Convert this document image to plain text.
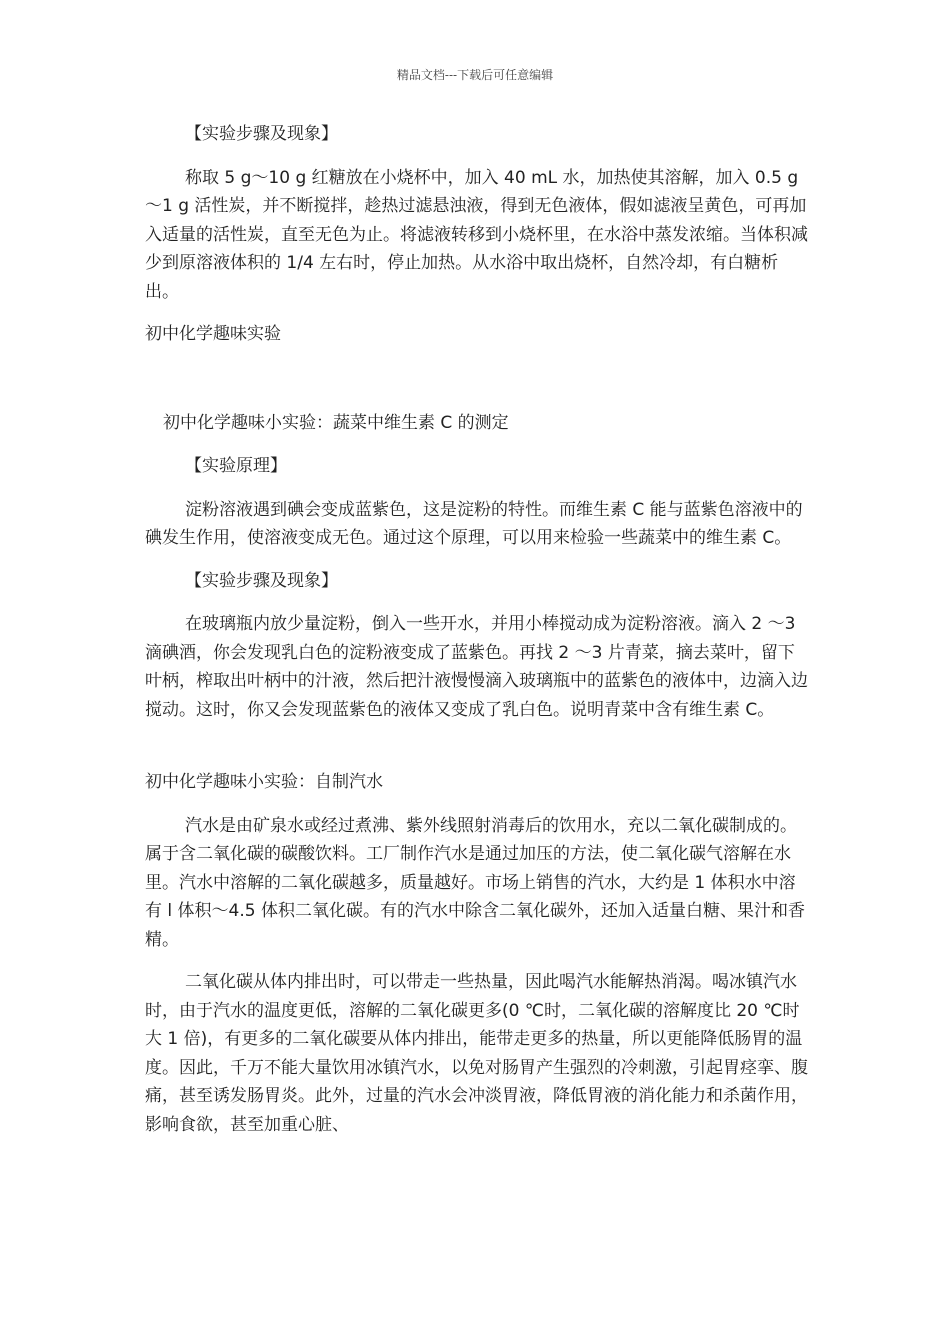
精品文档---下载后可任意编辑

【实验步骤及现象】

称取 5 g～10 g 红糖放在小烧杯中，加入 40 mL 水，加热使其溶解，加入 0.5 g～1 g 活性炭，并不断搅拌，趁热过滤悬浊液，得到无色液体，假如滤液呈黄色，可再加入适量的活性炭，直至无色为止。将滤液转移到小烧杯里，在水浴中蒸发浓缩。当体积减少到原溶液体积的 1/4 左右时，停止加热。从水浴中取出烧杯，自然冷却，有白糖析出。

初中化学趣味实验

初中化学趣味小实验：蔬菜中维生素 C 的测定

【实验原理】

淀粉溶液遇到碘会变成蓝紫色，这是淀粉的特性。而维生素 C 能与蓝紫色溶液中的碘发生作用，使溶液变成无色。通过这个原理，可以用来检验一些蔬菜中的维生素 C。

【实验步骤及现象】

在玻璃瓶内放少量淀粉，倒入一些开水，并用小棒搅动成为淀粉溶液。滴入 2 ～3 滴碘酒，你会发现乳白色的淀粉液变成了蓝紫色。再找 2 ～3 片青菜，摘去菜叶，留下叶柄，榨取出叶柄中的汁液，然后把汁液慢慢滴入玻璃瓶中的蓝紫色的液体中，边滴入边搅动。这时，你又会发现蓝紫色的液体又变成了乳白色。说明青菜中含有维生素 C。

初中化学趣味小实验：自制汽水

汽水是由矿泉水或经过煮沸、紫外线照射消毒后的饮用水，充以二氧化碳制成的。属于含二氧化碳的碳酸饮料。工厂制作汽水是通过加压的方法，使二氧化碳气溶解在水里。汽水中溶解的二氧化碳越多，质量越好。市场上销售的汽水，大约是 1 体积水中溶有 l 体积～4.5 体积二氧化碳。有的汽水中除含二氧化碳外，还加入适量白糖、果汁和香精。

二氧化碳从体内排出时，可以带走一些热量，因此喝汽水能解热消渴。喝冰镇汽水时，由于汽水的温度更低，溶解的二氧化碳更多(0 ℃时，二氧化碳的溶解度比 20 ℃时大 1 倍)，有更多的二氧化碳要从体内排出，能带走更多的热量，所以更能降低肠胃的温度。因此，千万不能大量饮用冰镇汽水，以免对肠胃产生强烈的冷刺激，引起胃痉挛、腹痛，甚至诱发肠胃炎。此外，过量的汽水会冲淡胃液，降低胃液的消化能力和杀菌作用，影响食欲，甚至加重心脏、
